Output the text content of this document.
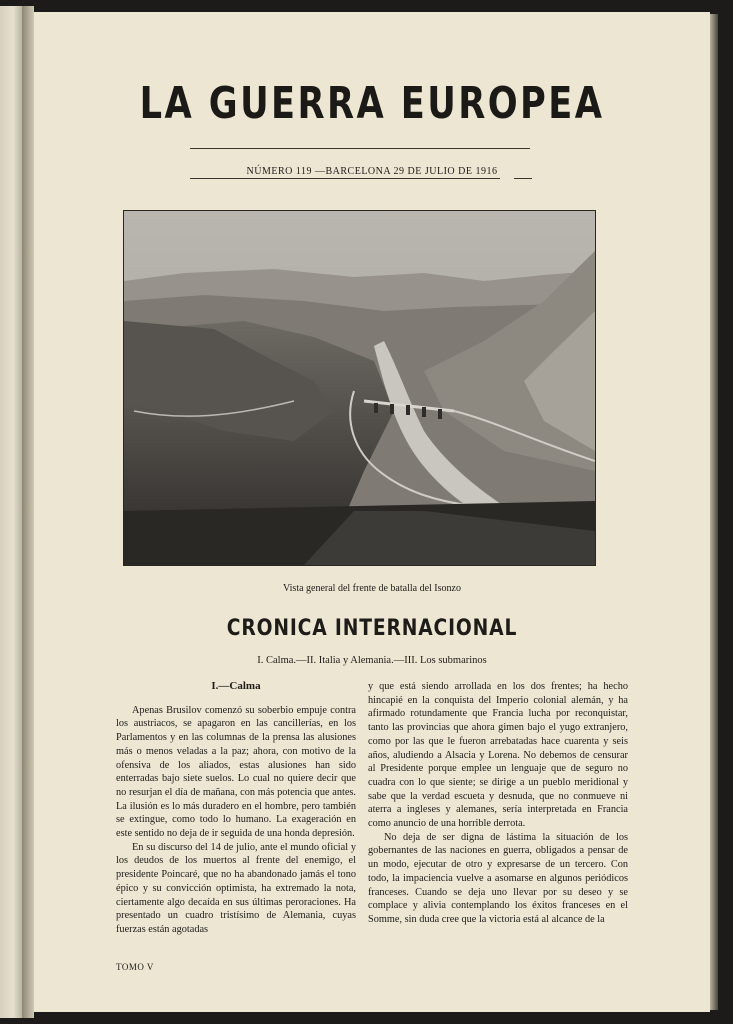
LA GUERRA EUROPEA
NÚMERO 119 —BARCELONA 29 DE JULIO DE 1916
Vista general del frente de batalla del Isonzo
CRONICA INTERNACIONAL
I. Calma.—II. Italia y Alemania.—III. Los submarinos
I.—Calma

Apenas Brusilov comenzó su soberbio empuje contra los austriacos, se apagaron en las cancillerías, en los Parlamentos y en las columnas de la prensa las alusiones más o menos veladas a la paz; ahora, con motivo de la ofensiva de los aliados, estas alusiones han sido enterradas bajo siete suelos. Lo cual no quiere decir que no resurjan el día de mañana, con más potencia que antes. La ilusión es lo más duradero en el hombre, pero también se extingue, como todo lo humano. La exageración en este sentido no deja de ir seguida de una honda depresión.

En su discurso del 14 de julio, ante el mundo oficial y los deudos de los muertos al frente del enemigo, el presidente Poincaré, que no ha abandonado jamás el tono épico y su convicción optimista, ha extremado la nota, ciertamente algo decaída en sus últimas peroraciones. Ha presentado un cuadro tristísimo de Alemania, cuyas fuerzas están agotadas

y que está siendo arrollada en los dos frentes; ha hecho hincapié en la conquista del Imperio colonial alemán, y ha afirmado rotundamente que Francia lucha por reconquistar, tanto las provincias que ahora gimen bajo el yugo extranjero, como por las que le fueron arrebatadas hace cuarenta y seis años, aludiendo a Alsacia y Lorena. No debemos de censurar al Presidente porque emplee un lenguaje que de seguro no cuadra con lo que siente; se dirige a un pueblo meridional y sabe que la verdad escueta y desnuda, que no conmueve ni aterra a ingleses y alemanes, sería interpretada en Francia como anuncio de una horrible derrota.

No deja de ser digna de lástima la situación de los gobernantes de las naciones en guerra, obligados a pensar de un modo, ejecutar de otro y expresarse de un tercero. Con todo, la impaciencia vuelve a asomarse en algunos periódicos franceses. Cuando se deja uno llevar por su deseo y se complace y alivia contemplando los éxitos franceses en el Somme, sin duda cree que la victoria está al alcance de la

TOMO V
